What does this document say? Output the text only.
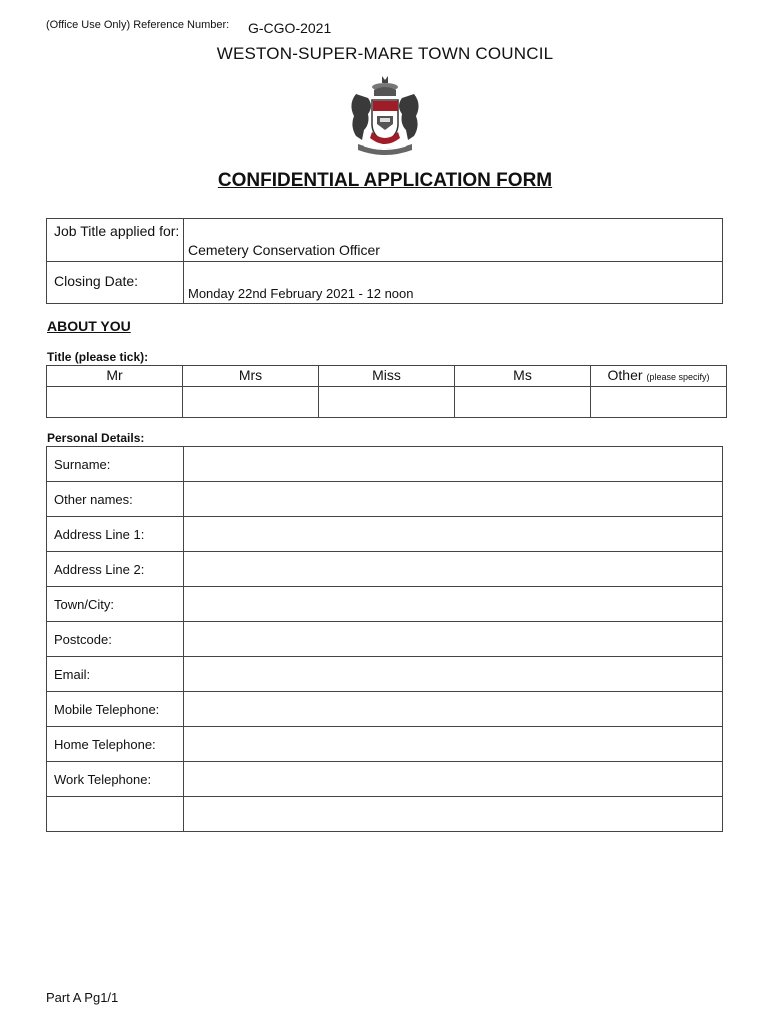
(Office Use Only) Reference Number: G-CGO-2021
WESTON-SUPER-MARE TOWN COUNCIL
CONFIDENTIAL APPLICATION FORM
Job Title applied for:	Cemetery Conservation Officer

Closing Date:	Monday 22nd February 2021 - 12 noon
ABOUT YOU
Title (please tick):
Mr	Mrs	Miss	Ms	Other (please specify)

Personal Details:
Surname:	
Other names:	
Address Line 1:	
Address Line 2:	
Town/City:	
Postcode:	
Email:	
Mobile Telephone:	
Home Telephone:	
Work Telephone:	

Part A Pg1/1
